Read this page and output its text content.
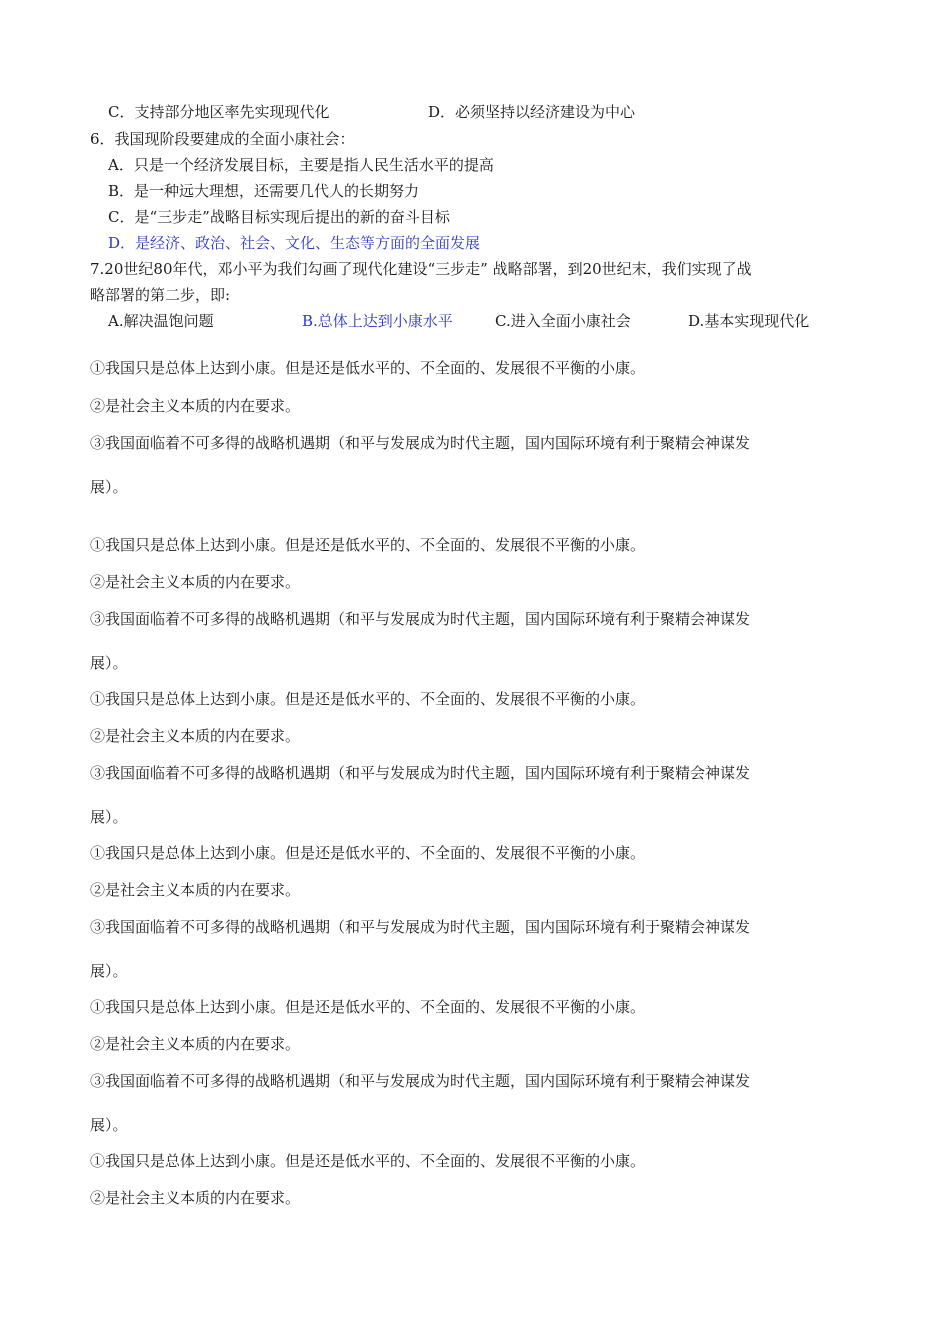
C．支持部分地区率先实现现代化	D．必须坚持以经济建设为中心
6．我国现阶段要建成的全面小康社会：
A．只是一个经济发展目标，主要是指人民生活水平的提高
B．是一种远大理想，还需要几代人的长期努力
C．是“三步走”战略目标实现后提出的新的奋斗目标
D．是经济、政治、社会、文化、生态等方面的全面发展
7.20世纪80年代，邓小平为我们勾画了现代化建设“三步走” 战略部署，到20世纪末，我们实现了战
略部署的第二步，即:
A.解决温饱问题	B.总体上达到小康水平	C.进入全面小康社会	D.基本实现现代化
①我国只是总体上达到小康。但是还是低水平的、不全面的、发展很不平衡的小康。
②是社会主义本质的内在要求。
③我国面临着不可多得的战略机遇期（和平与发展成为时代主题，国内国际环境有利于聚精会神谋发
展）。
①我国只是总体上达到小康。但是还是低水平的、不全面的、发展很不平衡的小康。
②是社会主义本质的内在要求。
③我国面临着不可多得的战略机遇期（和平与发展成为时代主题，国内国际环境有利于聚精会神谋发
展）。
①我国只是总体上达到小康。但是还是低水平的、不全面的、发展很不平衡的小康。
②是社会主义本质的内在要求。
③我国面临着不可多得的战略机遇期（和平与发展成为时代主题，国内国际环境有利于聚精会神谋发
展）。
①我国只是总体上达到小康。但是还是低水平的、不全面的、发展很不平衡的小康。
②是社会主义本质的内在要求。
③我国面临着不可多得的战略机遇期（和平与发展成为时代主题，国内国际环境有利于聚精会神谋发
展）。
①我国只是总体上达到小康。但是还是低水平的、不全面的、发展很不平衡的小康。
②是社会主义本质的内在要求。
③我国面临着不可多得的战略机遇期（和平与发展成为时代主题，国内国际环境有利于聚精会神谋发
展）。
①我国只是总体上达到小康。但是还是低水平的、不全面的、发展很不平衡的小康。
②是社会主义本质的内在要求。
